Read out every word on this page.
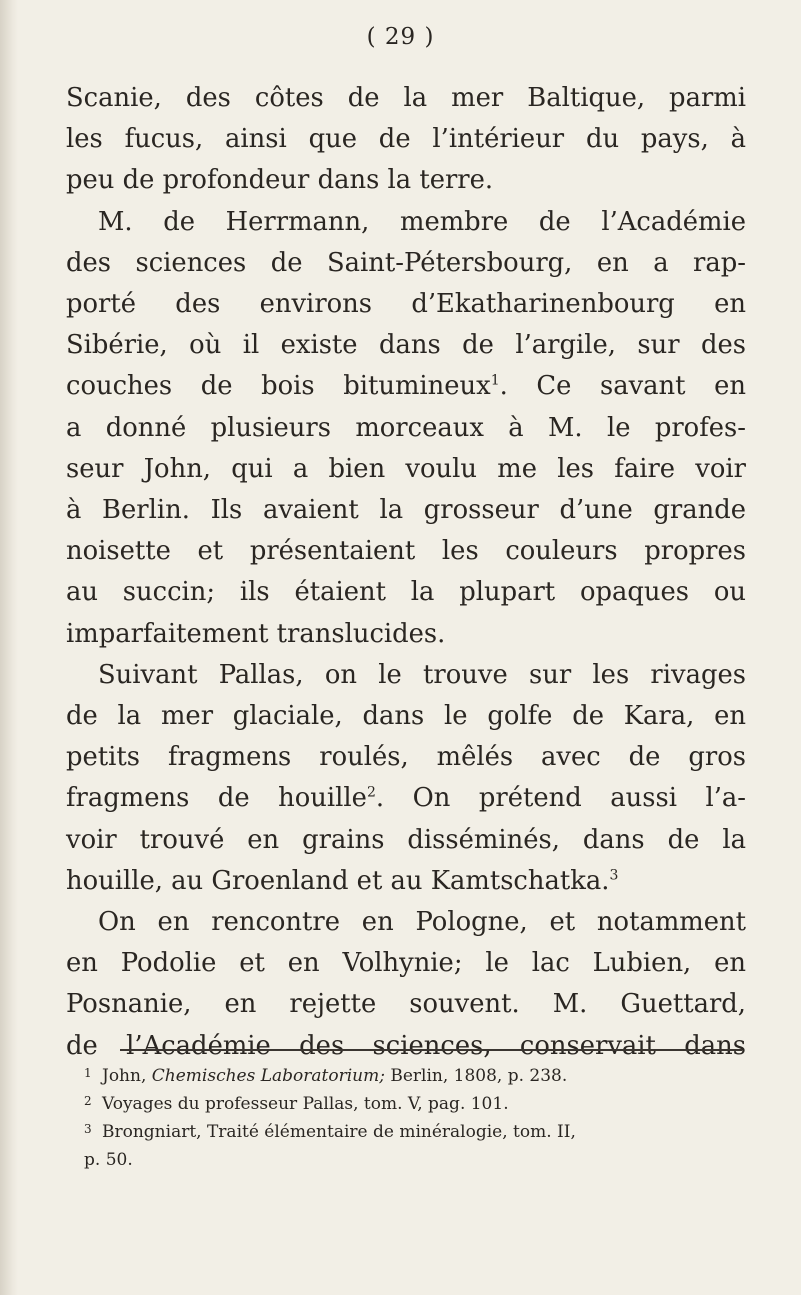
( 29 )
Scanie, des côtes de la mer Baltique, parmi
les fucus, ainsi que de l’intérieur du pays, à
peu de profondeur dans la terre.
M. de Herrmann, membre de l’Académie
des sciences de Saint-Pétersbourg, en a rap-
porté des environs d’Ekatharinenbourg en
Sibérie, où il existe dans de l’argile, sur des
couches de bois bitumineux$^1$. Ce savant en
a donné plusieurs morceaux à M. le profes-
seur John, qui a bien voulu me les faire voir
à Berlin. Ils avaient la grosseur d’une grande
noisette et présentaient les couleurs propres
au succin; ils étaient la plupart opaques ou
imparfaitement translucides.
Suivant Pallas, on le trouve sur les rivages
de la mer glaciale, dans le golfe de Kara, en
petits fragmens roulés, mêlés avec de gros
fragmens de houille$^2$. On prétend aussi l’a-
voir trouvé en grains disséminés, dans de la
houille, au Groenland et au Kamtschatka.$^3$
On en rencontre en Pologne, et notamment
en Podolie et en Volhynie; le lac Lubien, en
Posnanie, en rejette souvent. M. Guettard,
de l’Académie des sciences, conservait dans
1 John, Chemisches Laboratorium; Berlin, 1808, p. 238.
2 Voyages du professeur Pallas, tom. V, pag. 101.
3 Brongniart, Traité élémentaire de minéralogie, tom. II,
p. 50.
